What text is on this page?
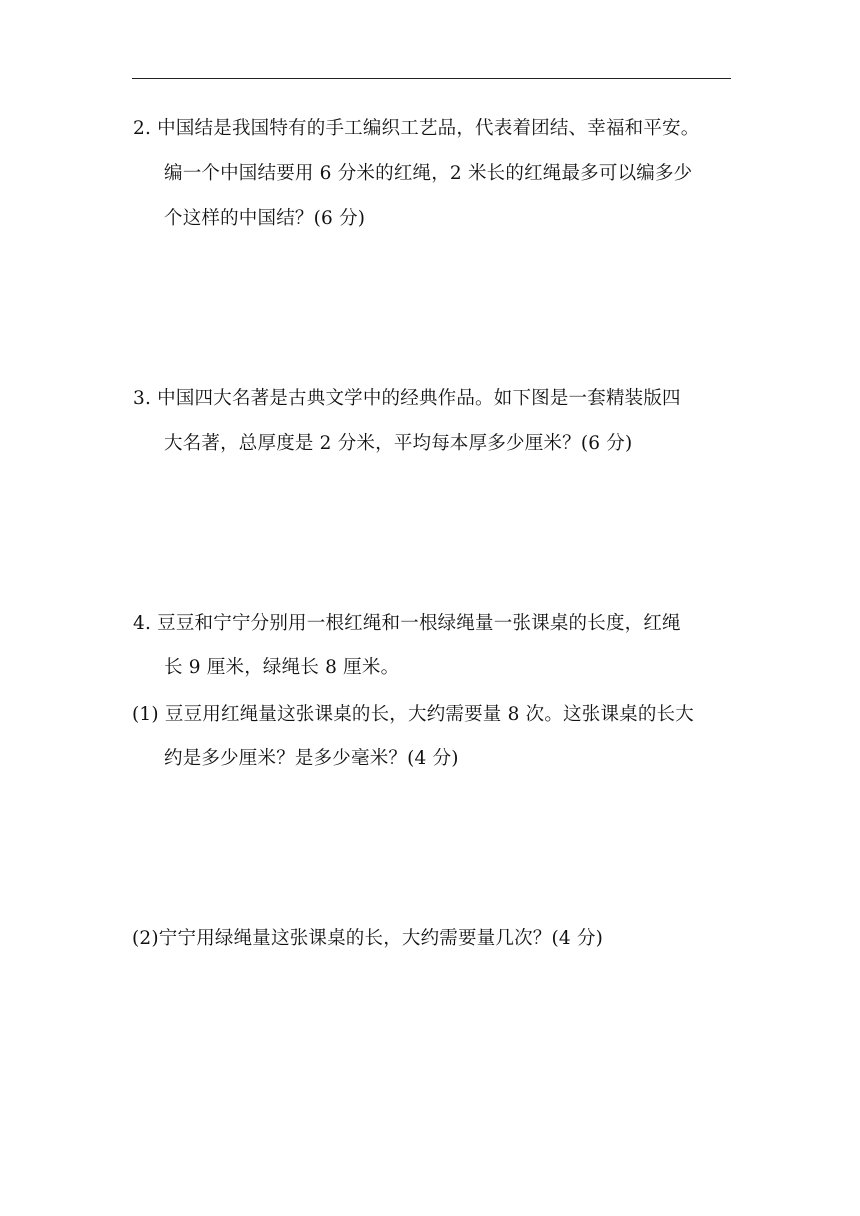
2. 中国结是我国特有的手工编织工艺品，代表着团结、幸福和平安。
编一个中国结要用 6 分米的红绳，2 米长的红绳最多可以编多少
个这样的中国结？(6 分)
3. 中国四大名著是古典文学中的经典作品。如下图是一套精装版四
大名著，总厚度是 2 分米，平均每本厚多少厘米？(6 分)
4. 豆豆和宁宁分别用一根红绳和一根绿绳量一张课桌的长度，红绳
长 9 厘米，绿绳长 8 厘米。
(1) 豆豆用红绳量这张课桌的长，大约需要量 8 次。这张课桌的长大
约是多少厘米？是多少毫米？(4 分)
(2)宁宁用绿绳量这张课桌的长，大约需要量几次？(4 分)
